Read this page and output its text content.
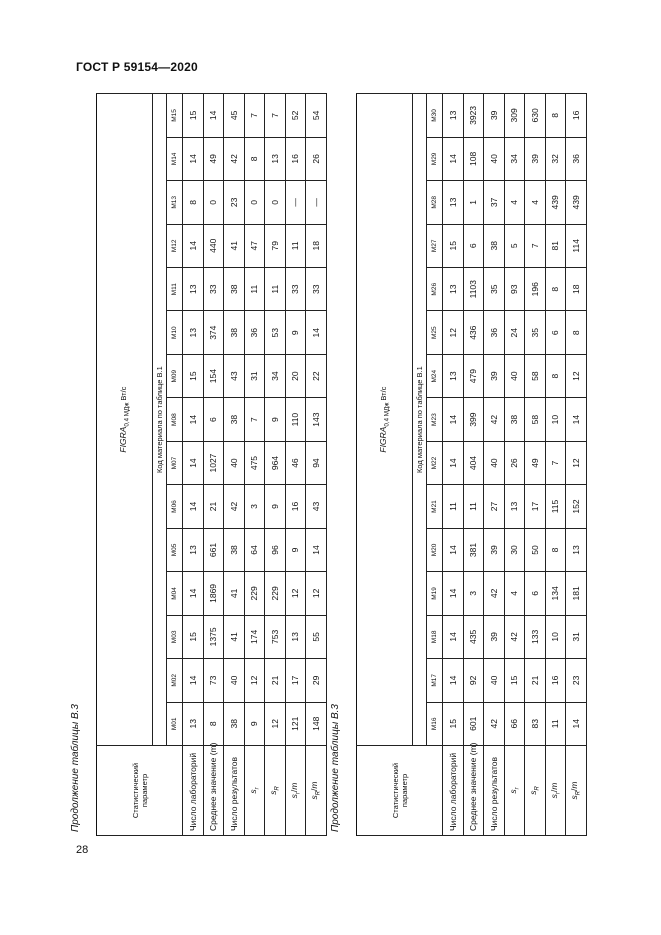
ГОСТ Р 59154—2020
Продолжение таблицы В.3	Статистический параметр	$FIGRA_{0,4 МДж}Вт/с$														
	Код материала по таблице В.1														
	M01	M02	M03	M04	M05	M06	M07	M08	M09	M10	M11	M12	M13	M14	M15
Число лабораторий	13	14	15	14	13	14	14	14	15	13	13	14	8	14	15
Среднее значение (m)	8	73	1375	1869	661	21	1027	6	154	374	33	440	0	49	14
Число результатов	38	40	41	41	38	42	40	38	43	38	38	41	23	42	45
$s_r$	9	12	174	229	64	3	475	7	31	36	11	47	0	8	7
$s_R$	12	21	753	229	96	9	964	9	34	53	11	79	0	13	7
$s_r/m$	121	17	13	12	9	16	46	110	20	9	33	11	—	16	52
$s_R/m$	148	29	55	12	14	43	94	143	22	14	33	18	—	26	54
Продолжение таблицы В.3	Статистический параметр	$FIGRA_{0,4 МДж}Вт/с$														
	Код материала по таблице В.1														
	M16	M17	M18	M19	M20	M21	M22	M23	M24	M25	M26	M27	M28	M29	M30
Число лабораторий	15	14	14	14	14	11	14	14	13	12	13	15	13	14	13
Среднее значение (m)	601	92	435	3	381	11	404	399	479	436	1103	6	1	108	3923
Число результатов	42	40	39	42	39	27	40	42	39	36	35	38	37	40	39
$s_r$	66	15	42	4	30	13	26	38	40	24	93	5	4	34	309
$s_R$	83	21	133	6	50	17	49	58	58	35	196	7	4	39	630
$s_r/m$	11	16	10	134	8	115	7	10	8	6	8	81	439	32	8
$s_R/m$	14	23	31	181	13	152	12	14	12	8	18	114	439	36	16
28
